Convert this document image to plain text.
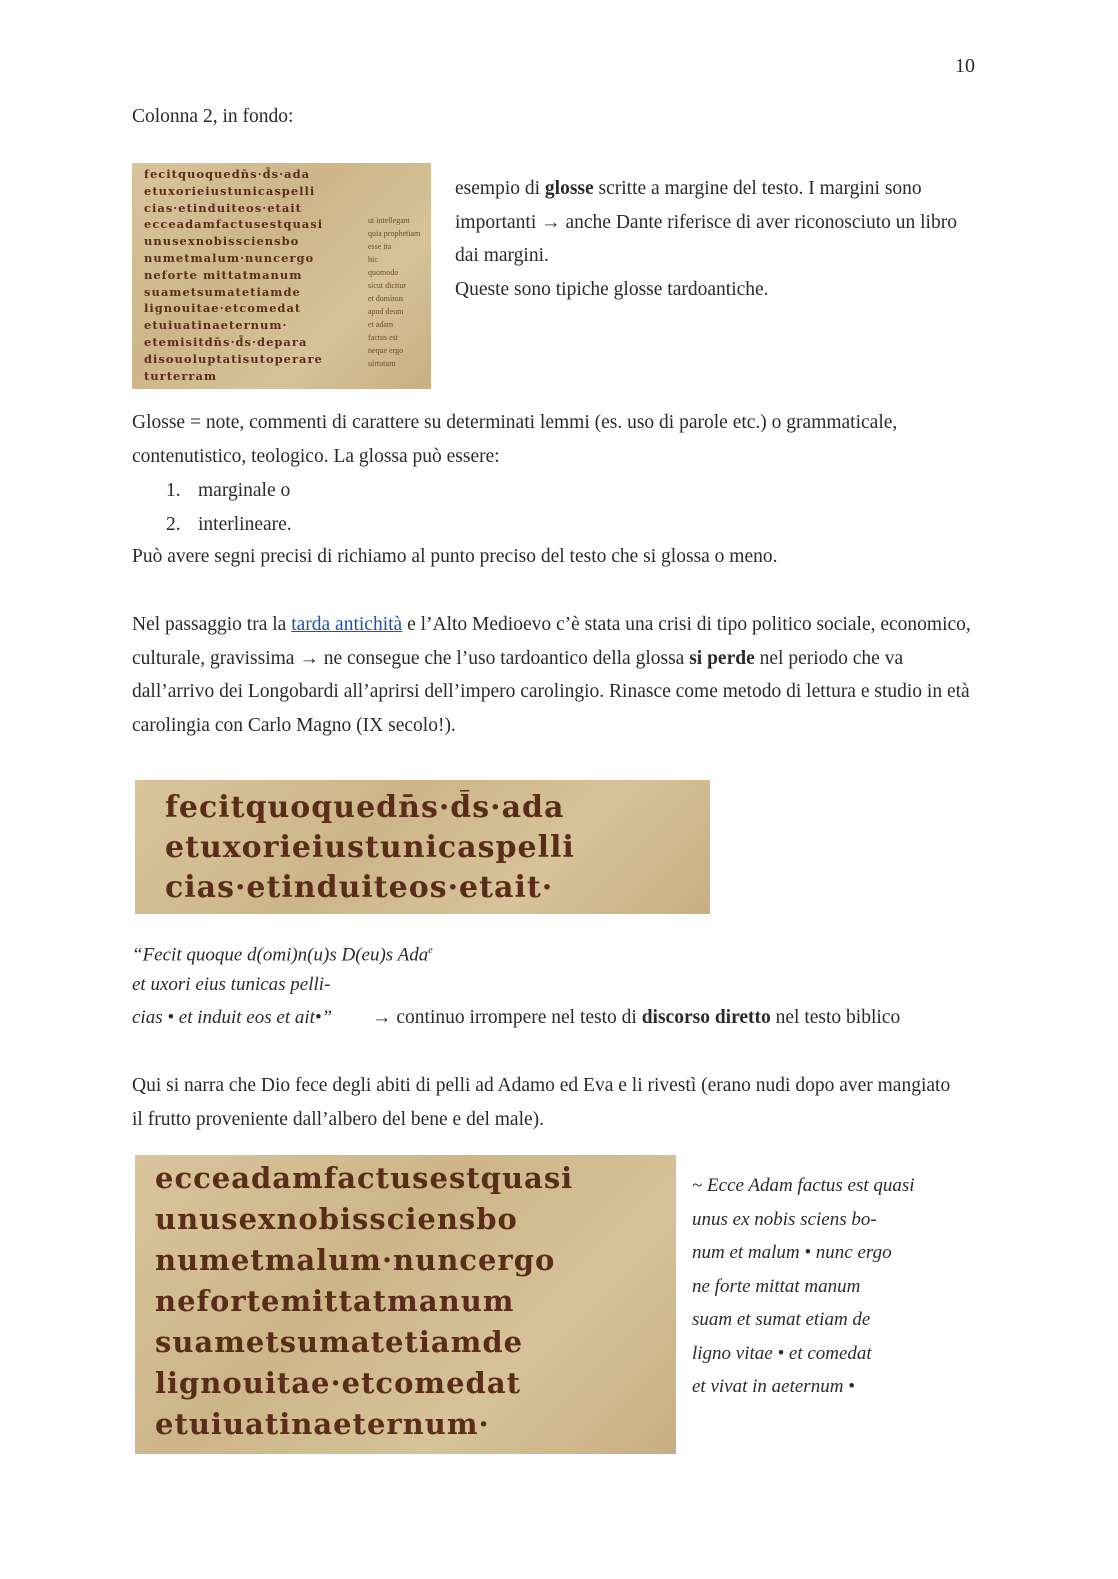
10
Colonna 2, in fondo:
fecitquoquedn̄s·d̄s·ada
etuxorieiustunicaspelli
cias·etinduiteos·etait
ecceadamfactusestquasi
unusexnobissciensbo
numetmalum·nuncergo
neforte mittatmanum
suametsumatetiamde
lignouitae·etcomedat
etuiuatinaeternum·
etemisitdn̄s·d̄s·depara
disouoluptatisutoperare
turterram
ut intellegant
quia prophetiam
esse ita
hic
quomodo
sicut dicitur
et dominus
apud deum
et adam
factus est
neque ergo
uirtutum

esempio di glosse scritte a margine del testo. I margini sono importanti → anche Dante riferisce di aver riconosciuto un libro dai margini.
Queste sono tipiche glosse tardoantiche.

Glosse = note, commenti di carattere su determinati lemmi (es. uso di parole etc.) o grammaticale, contenutistico, teologico. La glossa può essere:

1. marginale o
2. interlineare.

Può avere segni precisi di richiamo al punto preciso del testo che si glossa o meno.

Nel passaggio tra la tarda antichità e l’Alto Medioevo c’è stata una crisi di tipo politico sociale, economico, culturale, gravissima → ne consegue che l’uso tardoantico della glossa si perde nel periodo che va dall’arrivo dei Longobardi all’aprirsi dell’impero carolingio. Rinasce come metodo di lettura e studio in età carolingia con Carlo Magno (IX secolo!).

fecitquoquedn̄s·d̄s·ada
etuxorieiustunicaspelli
cias·etinduiteos·etait·
“Fecit quoque d(omi)n(u)s D(eu)s Ada$^e$
et uxori eius tunicas pelli-
cias • et induit eos et ait•” → continuo irrompere nel testo di discorso diretto nel testo biblico

Qui si narra che Dio fece degli abiti di pelli ad Adamo ed Eva e li rivestì (erano nudi dopo aver mangiato il frutto proveniente dall’albero del bene e del male).

ecceadamfactusestquasi
unusexnobissciensbo
numetmalum·nuncergo
nefortemittatmanum
suametsumatetiamde
lignouitae·etcomedat
etuiuatinaeternum·
~ Ecce Adam factus est quasi
unus ex nobis sciens bo-
num et malum • nunc ergo
ne forte mittat manum
suam et sumat etiam de
ligno vitae • et comedat
et vivat in aeternum •
